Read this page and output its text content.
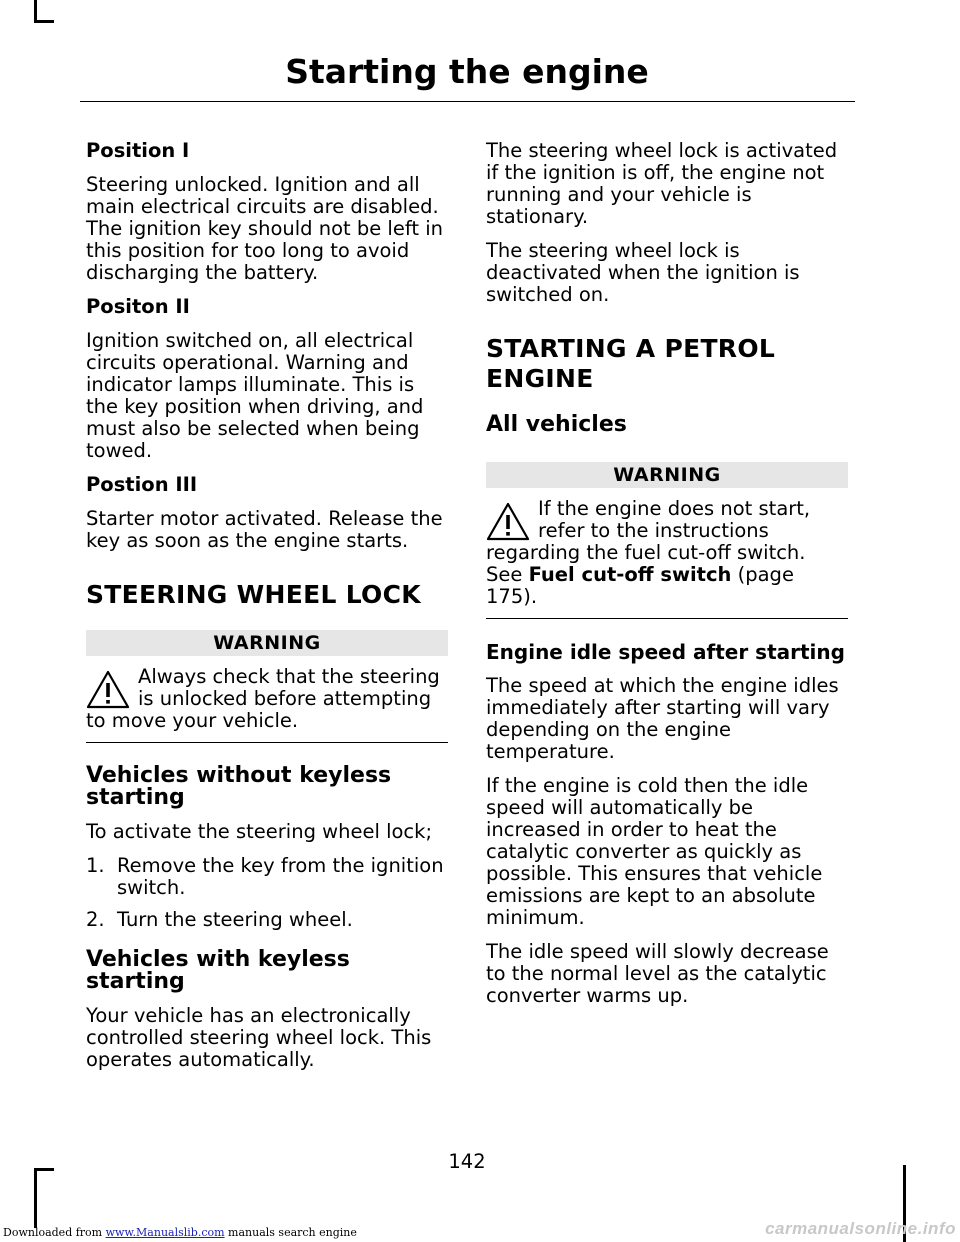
Starting the engine
Position I

Steering unlocked. Ignition and all main electrical circuits are disabled. The ignition key should not be left in this position for too long to avoid discharging the battery.

Positon II

Ignition switched on, all electrical circuits operational. Warning and indicator lamps illuminate. This is the key position when driving, and must also be selected when being towed.

Postion III

Starter motor activated. Release the key as soon as the engine starts.

STEERING WHEEL LOCK
WARNING

Always check that the steering is unlocked before attempting to move your vehicle.

Vehicles without keyless starting

To activate the steering wheel lock;

1. Remove the key from the ignition switch.
2. Turn the steering wheel.
Vehicles with keyless starting

Your vehicle has an electronically controlled steering wheel lock. This operates automatically.

The steering wheel lock is activated if the ignition is off, the engine not running and your vehicle is stationary.

The steering wheel lock is deactivated when the ignition is switched on.

STARTING A PETROL
ENGINE
All vehicles
WARNING

If the engine does not start, refer to the instructions regarding the fuel cut-off switch. See Fuel cut-off switch (page 175).

Engine idle speed after starting

The speed at which the engine idles immediately after starting will vary depending on the engine temperature.

If the engine is cold then the idle speed will automatically be increased in order to heat the catalytic converter as quickly as possible. This ensures that vehicle emissions are kept to an absolute minimum.

The idle speed will slowly decrease to the normal level as the catalytic converter warms up.

142
Downloaded from www.Manualslib.com manuals search engine	carmanualsonline.info
